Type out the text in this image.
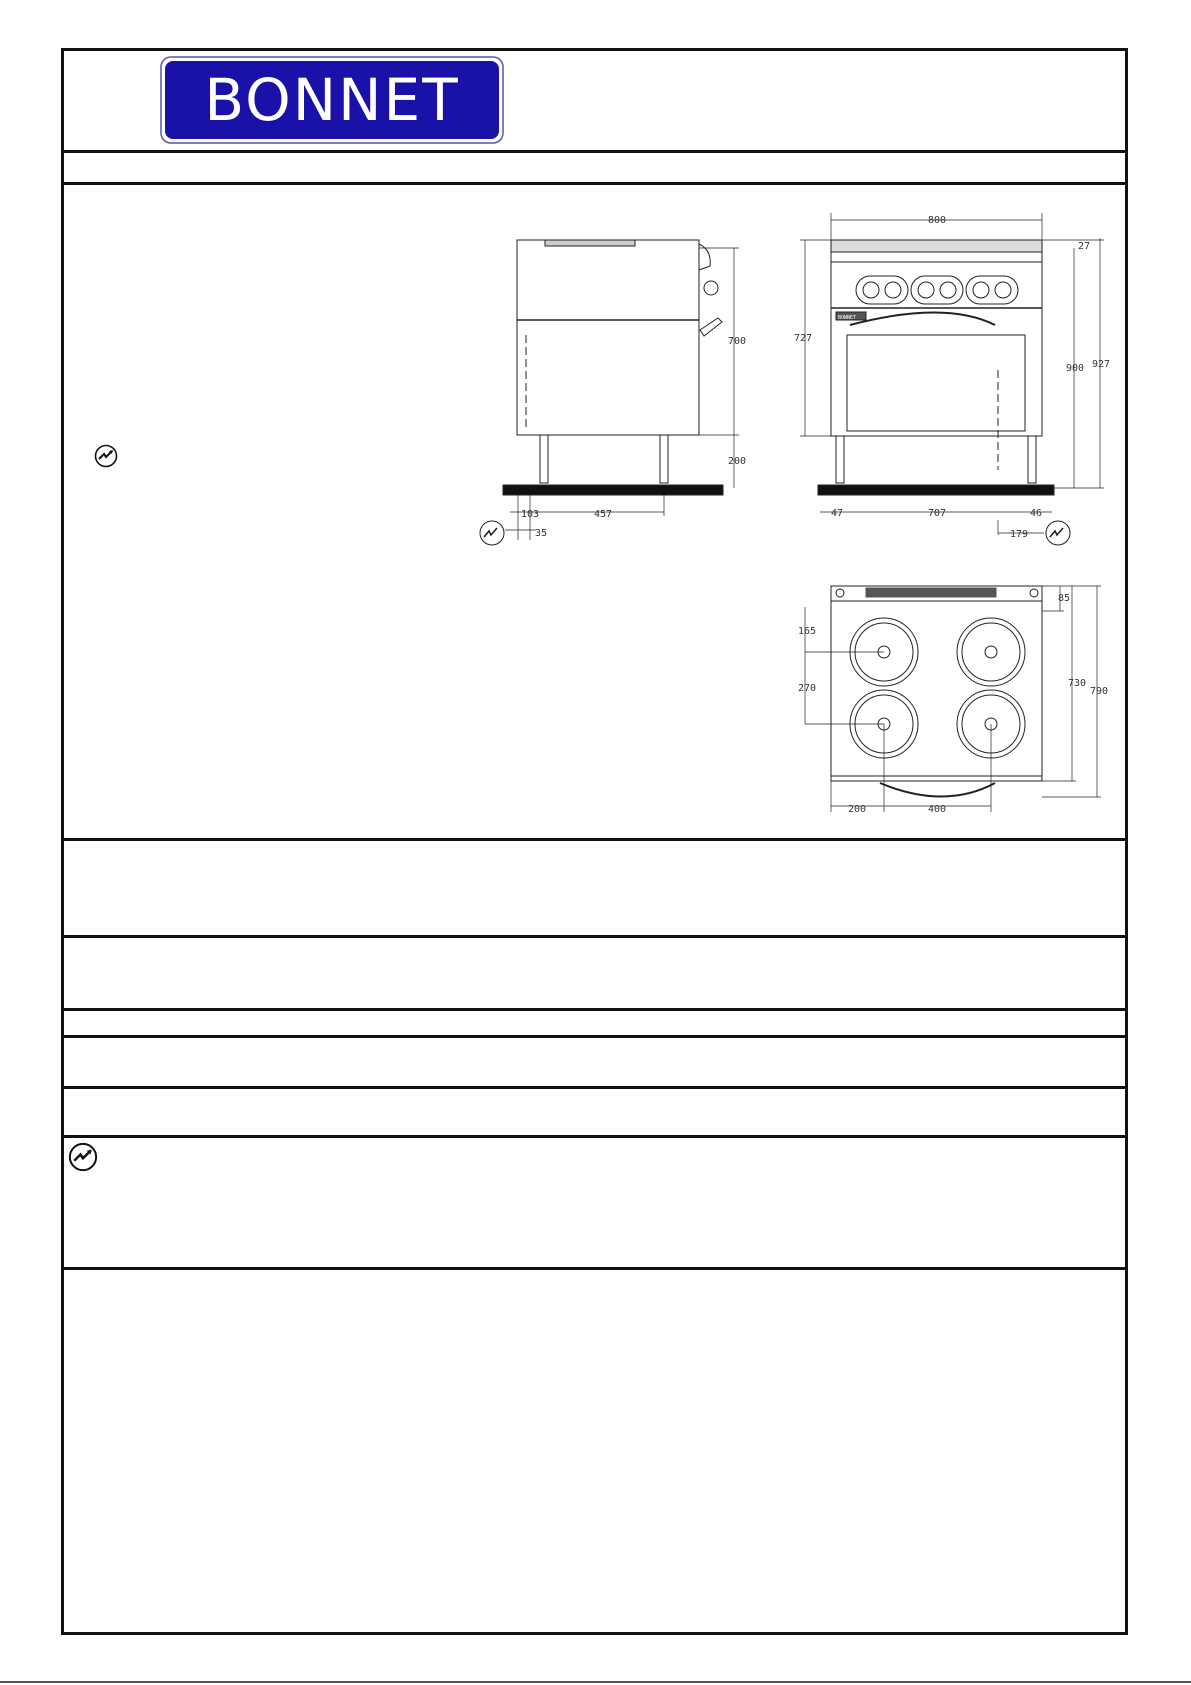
BONNET
700
200
103	457
35
800
27
727
900 927
47	707	46
179
BONNET
85
165
270	730
790
200	400
